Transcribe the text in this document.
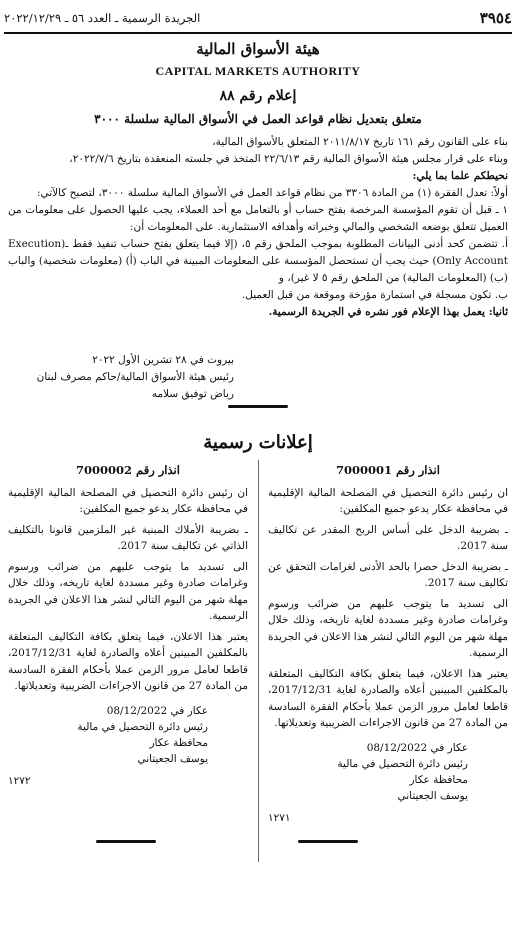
٣٩٥٤
الجريدة الرسمية ـ العدد ٥٦ ـ ٢٠٢٢/١٢/٢٩
هيئة الأسواق المالية
CAPITAL MARKETS AUTHORITY
إعلام رقم ٨٨
متعلق بتعديل نظام قواعد العمل في الأسواق المالية سلسلة ٣٠٠٠

بناء على القانون رقم ١٦١ تاريخ ٢٠١١/٨/١٧ المتعلق بالأسواق المالية،

وبناء على قرار مجلس هيئة الأسواق المالية رقم ٢٢/٦/١٣ المتخذ في جلسته المنعقدة بتاريخ ٢٠٢٢/٧/٦،

نحيطكم علما بما يلي:

أولاً: تعدل الفقرة (١) من المادة ٣٣٠٦ من نظام قواعد العمل في الأسواق المالية سلسلة ٣٠٠٠، لتصبح كالآتي:

١ ـ قبل أن تقوم المؤسسة المرخصة بفتح حساب أو بالتعامل مع أحد العملاء، يجب عليها الحصول على معلومات من العميل تتعلق بوضعه الشخصي والمالي وخبراته وأهدافه الاستثمارية. على المعلومات أن:

أ. تتضمن كحد أدنى البيانات المطلوبة بموجب الملحق رقم ٥، (إلا فيما يتعلق بفتح حساب تنفيذ فقط ـ(Execution Only Account) حيث يجب أن تستحصل المؤسسة على المعلومات المبينة في الباب (أ) (معلومات شخصية) والباب (ب) (المعلومات المالية) من الملحق رقم ٥ لا غير)، و

ب. تكون مسجلة في استمارة مؤرخة وموقعة من قبل العميل.

ثانيا: يعمل بهذا الإعلام فور نشره في الجريدة الرسمية.

بيروت في ٢٨ تشرين الأول ٢٠٢٢
رئيس هيئة الأسواق المالية/حاكم مصرف لبنان
رياض توفيق سلامه
إعلانات رسمية
انذار رقم 7000001

ان رئيس دائرة التحصيل في المصلحة المالية الإقليمية في محافظة عكار يدعو جميع المكلفين:

ـ بضريبة الدخل على أساس الربح المقدر عن تكاليف سنة 2017.

ـ بضريبة الدخل حصرا بالحد الأدنى لغرامات التحقق عن تكاليف سنة 2017.

الى تسديد ما يتوجب عليهم من ضرائب ورسوم وغرامات صادرة وغير مسددة لغاية تاريخه، وذلك خلال مهلة شهر من اليوم التالي لنشر هذا الاعلان في الجريدة الرسمية.

يعتبر هذا الاعلان، فيما يتعلق بكافة التكاليف المتعلقة بالمكلفين المبينين أعلاه والصادرة لغاية 2017/12/31، قاطعا لعامل مرور الزمن عملا بأحكام الفقرة السادسة من المادة 27 من قانون الاجراءات الضريبية وتعديلاتها.

عكار في 08/12/2022
رئيس دائرة التحصيل في مالية
محافظة عكار
يوسف الجعيتاني
١٢٧١
انذار رقم 7000002

ان رئيس دائرة التحصيل في المصلحة المالية الإقليمية في محافظة عكار يدعو جميع المكلفين:

ـ بضريبة الأملاك المبنية غير الملزمين قانونا بالتكليف الذاتي عن تكاليف سنة 2017.

الى تسديد ما يتوجب عليهم من ضرائب ورسوم وغرامات صادرة وغير مسددة لغاية تاريخه، وذلك خلال مهلة شهر من اليوم التالي لنشر هذا الاعلان في الجريدة الرسمية.

يعتبر هذا الاعلان، فيما يتعلق بكافة التكاليف المتعلقة بالمكلفين المبينين أعلاه والصادرة لغاية 2017/12/31، قاطعا لعامل مرور الزمن عملا بأحكام الفقرة السادسة من المادة 27 من قانون الاجراءات الضريبية وتعديلاتها.

عكار في 08/12/2022
رئيس دائرة التحصيل في مالية
محافظة عكار
يوسف الجعيتاني
١٢٧٢
